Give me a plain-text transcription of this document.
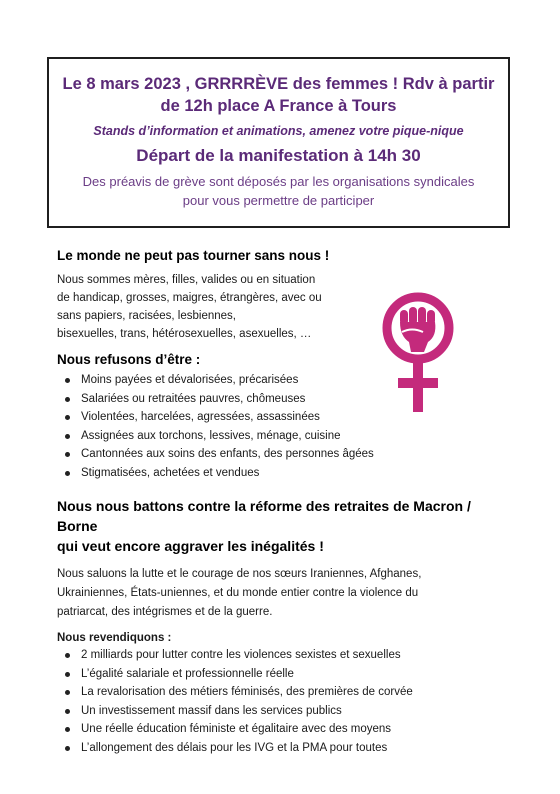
Le 8 mars 2023 , GRRRRÈVE des femmes ! Rdv à partir
de 12h place A France à Tours
Stands d’information et animations, amenez votre pique-nique
Départ de la manifestation à 14h 30
Des préavis de grève sont déposés par les organisations syndicales
pour vous permettre de participer
Le monde ne peut pas tourner sans nous !
Nous sommes mères, filles, valides ou en situation
de handicap, grosses, maigres, étrangères, avec ou
sans papiers, racisées, lesbiennes,
bisexuelles, trans, hétérosexuelles, asexuelles, …
Nous refusons d’être :
Moins payées et dévalorisées, précarisées
Salariées ou retraitées pauvres, chômeuses
Violentées, harcelées, agressées, assassinées
Assignées aux torchons, lessives, ménage, cuisine
Cantonnées aux soins des enfants, des personnes âgées
Stigmatisées, achetées et vendues
Nous nous battons contre la réforme des retraites de Macron / Borne
qui veut encore aggraver les inégalités !
Nous saluons la lutte et le courage de nos sœurs Iraniennes, Afghanes,
Ukrainiennes, États-uniennes, et du monde entier contre la violence du
patriarcat, des intégrismes et de la guerre.
Nous revendiquons :
2 milliards pour lutter contre les violences sexistes et sexuelles
L’égalité salariale et professionnelle réelle
La revalorisation des métiers féminisés, des premières de corvée
Un investissement massif dans les services publics
Une réelle éducation féministe et égalitaire avec des moyens
L’allongement des délais pour les IVG et la PMA pour toutes
